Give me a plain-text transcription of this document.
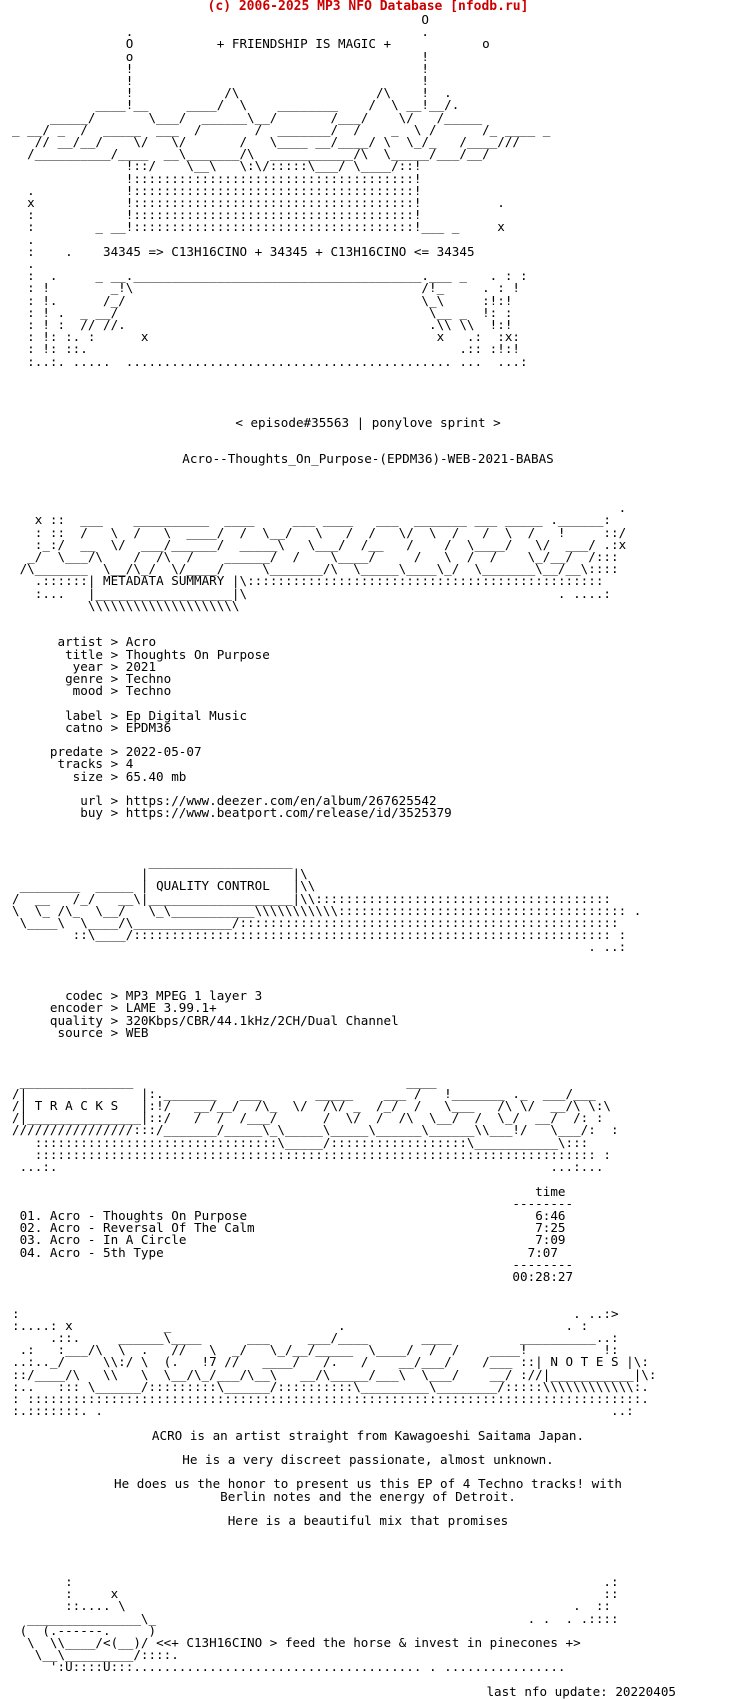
(c) 2006-2025 MP3 NFO Database [nfodb.ru]
O
.                                      .
O	+ FRIENDSHIP IS MAGIC +	o
o                                      !
!                                      !
!                                      !
!            /\                  /\    !  .
____!__     ____/  \    ________    /  \ __!__/.
_____/       \___/  ______\__/       /___/    \/   /_____
_ __/ _  /  _____  ___  /       /  _______/  /    _  \ /      /_ ____ _
// __/__/    \/   \/       /   \____ __/____/ \  \_/_   /____///
/__________/____  __\_______/\  ___________/\  \_____/___/__/
!::/    \__\   \:\/:::::\___/ \____/::!
!:::::::::::::::::::::::::::::::::::::!
.            !:::::::::::::::::::::::::::::::::::::!
x            !:::::::::::::::::::::::::::::::::::::!          .
:            !:::::::::::::::::::::::::::::::::::::!
:        _ __!:::::::::::::::::::::::::::::::::::::!___ _     x
.
:    .    34345 => C13H16CINO + 34345 + C13H16CINO <= 34345
.
:  .     _ __.______________________________________.___ _   . : :
: !        _!\                                      /!_     . : !
: !.      /_/                                       \_\     :!:!
: ! .  _ __/                                         \__ _  !: :
: ! :  // //.                                        .\\ \\  !:!
: !: :. :      x                                      x   .:  :x:
: !: ::.                                                 .:: :!:!
:..:. .....  ........................................... ...  ...:

< episode#35563 | ponylove sprint >

Acro--Thoughts_On_Purpose-(EPDM36)-WEB-2021-BABAS

.
x ::  ___    __________  ____     ___ ____   ___  _______ ___ _____ .______:
: ::  /   \  /   \  ____/  /  \__/   \   /  /   \/  \  /   /  \  /   !     ::/
:_:/  __  \/  ___/______/  _____\   \___/  /__   /    /  \____/   \/  ___/ .:x
_/  \___/\    /  /\  /    ______/  /    \____/     /   \  /  /    \_/__/  /:::
/\_______  \__/\_/  \/____/     \_______/\  \_____\____\_/  \_______\__/__\::::
.::::::| METADATA SUMMARY |\:::::::::::::::::::::::::::::::::::::::::::::::
:...   |__________________|\                                         . ....:
\\\\\\\\\\\\\\\\\\\\

artist > Acro
title > Thoughts On Purpose
year > 2021
genre > Techno
mood > Techno
label > Ep Digital Music
catno > EPDM36
predate > 2022-05-07
tracks > 4
size > 65.40 mb
url > https://www.deezer.com/en/album/267625542
buy > https://www.beatport.com/release/id/3525379

___________________
|                   |\
________  _____ | QUALITY CONTROL   |\\
/  __   /_/   __\|___________________|\\:::::::::::::::::::::::::::::::::::::::
\  \_ /\_  \__/   \_\___________\\\\\\\\\\\:::::::::::::::::::::::::::::::::::::: .
\____\  \____/\_____________/::::::::::::::::::::::::::::::::::::::::::::::::::
::\____/::::::::::::::::::::::::::::::::::::::::::::::::::::::::::::::: :
. ..:

codec > MP3 MPEG 1 layer 3
encoder > LAME 3.99.1+
quality > 320Kbps/CBR/44.1kHz/2CH/Dual Channel
source > WEB

_______________                                    ____
/|               |:._______   ___       _____    ___ /   !_______ ._  ___/___
/| T R A C K S   |:!/   __/__/  /\_  \/  /\/ _  /_/  /   \___   /\ \/  __/\ \:\
/|_______________|::/   /  /  /___/      /  \/  /  /\  \__/  /  \_/  __/  /: :
////////////////:::/_______/_____\_\_____\_____\______\______\\___!/   \___/:  :
::::::::::::::::::::::::::::::::\_____/::::::::::::::::::\___________\:::
:::::::::::::::::::::::::::::::::::::::::::::::::::::::::::::::::::::::::: :
...:.                                                                 ...:...

time
--------
01. Acro - Thoughts On Purpose	6:46
02. Acro - Reversal Of The Calm	7:25
03. Acro - In A Circle	7:09
04. Acro - 5th Type	7:07
--------
00:28:27

:                                                                         . ..:>
:....: x            _                      .                             . :
.::.     ______\____      ___     ___/____       ____         __________..:
.:   :___/\  \  .   //   \  _/   \_/__/_____  \____/  /  /    ____!          !:
..:.._/     \\:/ \  (.   !7 //   ____/   /.   /    __/___/    /___ ::| N O T E S |\:
::/____/\   \\   \  \__/\_/___/\__\   __/\_____/___\  \___/    __/ ://|___________|\:
:..   ::: \______/:::::::::\______/::::::::::\_________\________/:::::\\\\\\\\\\\\:.
: :::::::::::::::::::::::::::::::::::::::::::::::::::::::::::::::::::::::::::::::::.
:.:::::::. .                                                                   ..:

ACRO is an artist straight from Kawagoeshi Saitama Japan.
He is a very discreet passionate, almost unknown.
He does us the honor to present us this EP of 4 Techno tracks! with
Berlin notes and the energy of Detroit.
Here is a beautiful mix that promises

:                                                                      .:
:     x                                                                ::
::.... \                                                           .  ::
_______________\_                                                 . .  . .::::
(  (.------.     )
\  \\____/<(__)/ <<+ C13H16CINO > feed the horse & invest in pinecones +>
\__\_________/::::.
':U::::U:::...................................... . ................

last nfo update: 20220405
